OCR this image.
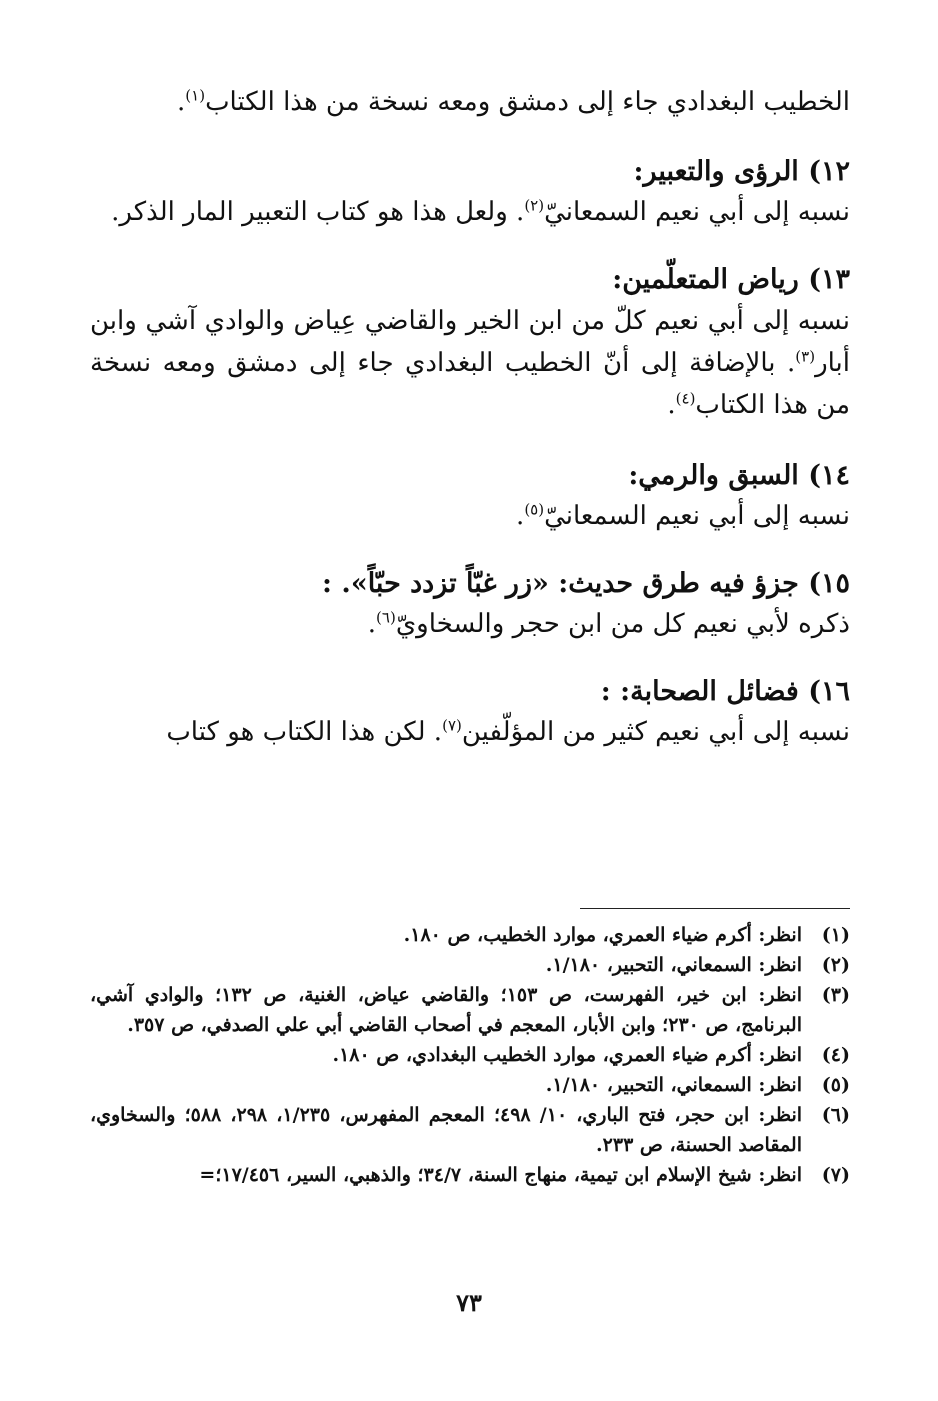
الخطيب البغدادي جاء إلى دمشق ومعه نسخة من هذا الكتاب$^{(١)}$.

١٢) الرؤى والتعبير:

نسبه إلى أبي نعيم السمعانيّ$^{(٢)}$. ولعل هذا هو كتاب التعبير المار الذكر.

١٣) رياض المتعلّمين:

نسبه إلى أبي نعيم كلّ من ابن الخير والقاضي عِياض والوادي آشي وابن أبار$^{(٣)}$. بالإضافة إلى أنّ الخطيب البغدادي جاء إلى دمشق ومعه نسخة من هذا الكتاب$^{(٤)}$.

١٤) السبق والرمي:

نسبه إلى أبي نعيم السمعانيّ$^{(٥)}$.

١٥) جزؤ فيه طرق حديث: «زر غبّاً تزدد حبّاً». :

ذكره لأبي نعيم كل من ابن حجر والسخاويّ$^{(٦)}$.

١٦) فضائل الصحابة: :

نسبه إلى أبي نعيم كثير من المؤلّفين$^{(٧)}$. لكن هذا الكتاب هو كتاب

(١)
انظر: أكرم ضياء العمري، موارد الخطيب، ص ١٨٠.
(٢)
انظر: السمعاني، التحبير، ١/١٨٠.
(٣)
انظر: ابن خير، الفهرست، ص ١٥٣؛ والقاضي عياض، الغنية، ص ١٣٢؛ والوادي آشي، البرنامج، ص ٢٣٠؛ وابن الأبار، المعجم في أصحاب القاضي أبي علي الصدفي، ص ٣٥٧.
(٤)
انظر: أكرم ضياء العمري، موارد الخطيب البغدادي، ص ١٨٠.
(٥)
انظر: السمعاني، التحبير، ١/١٨٠.
(٦)
انظر: ابن حجر، فتح الباري، ١٠/ ٤٩٨؛ المعجم المفهرس، ١/٢٣٥، ٢٩٨، ٥٨٨؛ والسخاوي، المقاصد الحسنة، ص ٢٣٣.
(٧)
انظر: شيخ الإسلام ابن تيمية، منهاج السنة، ٣٤/٧؛ والذهبي، السير، ١٧/٤٥٦؛=
٧٣
